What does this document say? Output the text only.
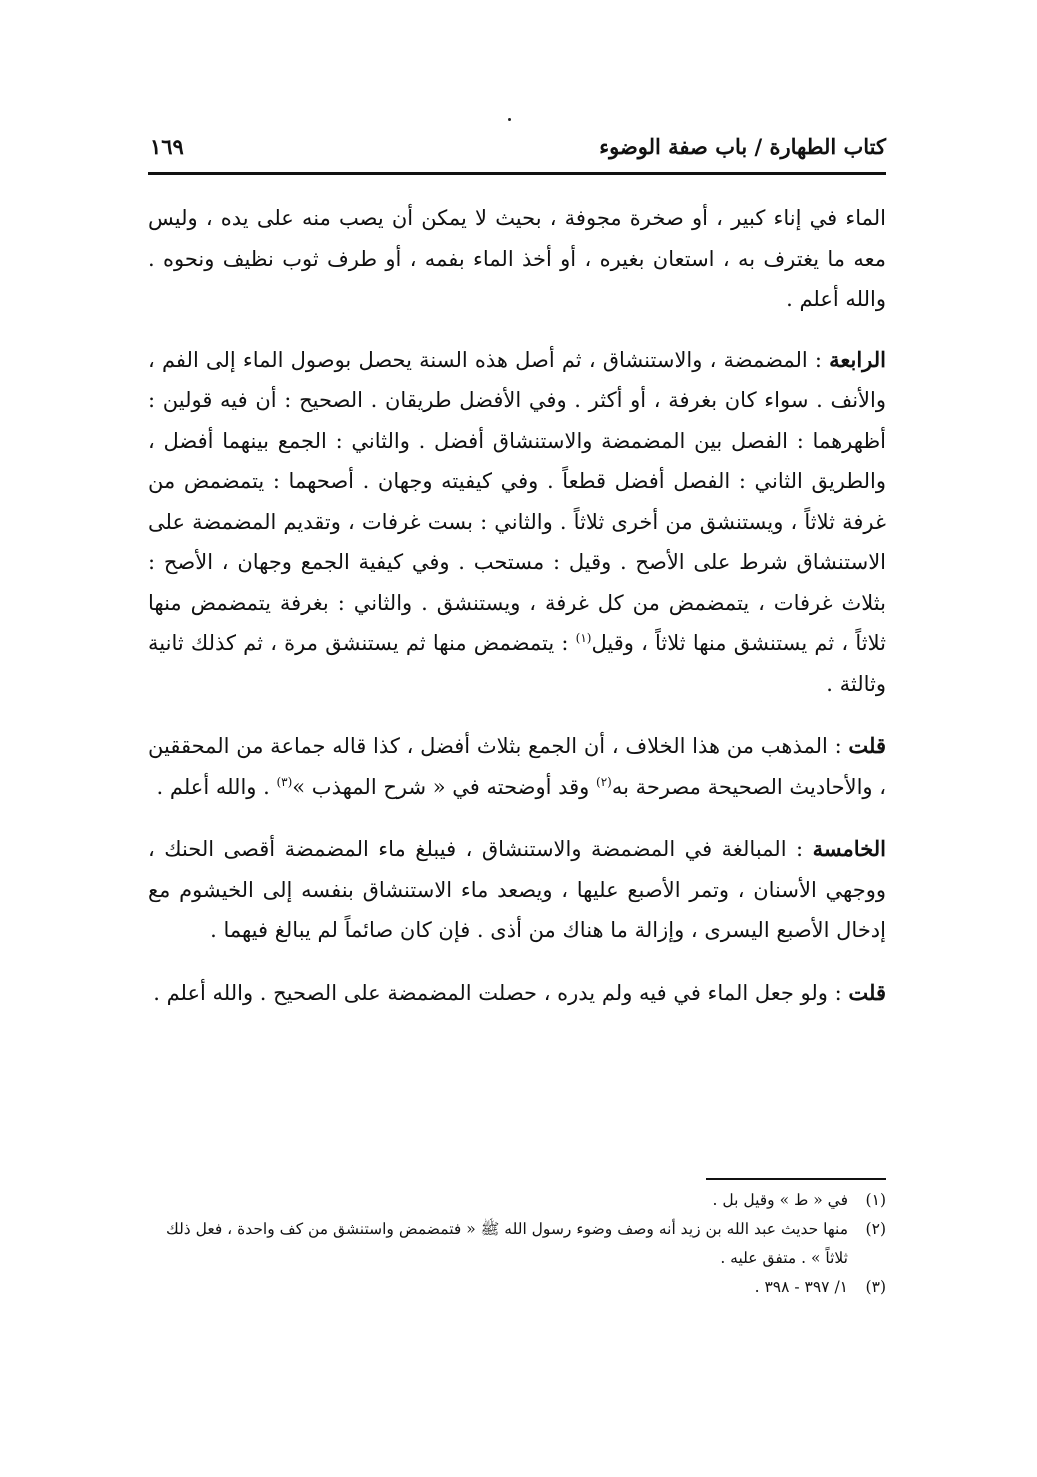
كتاب الطهارة / باب صفة الوضوء
١٦٩

الماء في إناء كبير ، أو صخرة مجوفة ، بحيث لا يمكن أن يصب منه على يده ، وليس معه ما يغترف به ، استعان بغيره ، أو أخذ الماء بفمه ، أو طرف ثوب نظيف ونحوه . والله أعلم .

الرابعة : المضمضة ، والاستنشاق ، ثم أصل هذه السنة يحصل بوصول الماء إلى الفم ، والأنف . سواء كان بغرفة ، أو أكثر . وفي الأفضل طريقان . الصحيح : أن فيه قولين : أظهرهما : الفصل بين المضمضة والاستنشاق أفضل . والثاني : الجمع بينهما أفضل ، والطريق الثاني : الفصل أفضل قطعاً . وفي كيفيته وجهان . أصحهما : يتمضمض من غرفة ثلاثاً ، ويستنشق من أخرى ثلاثاً . والثاني : بست غرفات ، وتقديم المضمضة على الاستنشاق شرط على الأصح . وقيل : مستحب . وفي كيفية الجمع وجهان ، الأصح : بثلاث غرفات ، يتمضمض من كل غرفة ، ويستنشق . والثاني : بغرفة يتمضمض منها ثلاثاً ، ثم يستنشق منها ثلاثاً ، وقيل$^{(١)}$ : يتمضمض منها ثم يستنشق مرة ، ثم كذلك ثانية وثالثة .

قلت : المذهب من هذا الخلاف ، أن الجمع بثلاث أفضل ، كذا قاله جماعة من المحققين ، والأحاديث الصحيحة مصرحة به$^{(٢)}$ وقد أوضحته في « شرح المهذب »$^{(٣)}$ . والله أعلم .

الخامسة : المبالغة في المضمضة والاستنشاق ، فيبلغ ماء المضمضة أقصى الحنك ، ووجهي الأسنان ، وتمر الأصبع عليها ، ويصعد ماء الاستنشاق بنفسه إلى الخيشوم مع إدخال الأصبع اليسرى ، وإزالة ما هناك من أذى . فإن كان صائماً لم يبالغ فيهما .

قلت : ولو جعل الماء في فيه ولم يدره ، حصلت المضمضة على الصحيح . والله أعلم .

(١)
في « ط » وقيل بل .
(٢)
منها حديث عبد الله بن زيد أنه وصف وضوء رسول الله ﷺ « فتمضمض واستنشق من كف واحدة ، فعل ذلك ثلاثاً » . متفق عليه .
(٣)
١/ ٣٩٧ - ٣٩٨ .
